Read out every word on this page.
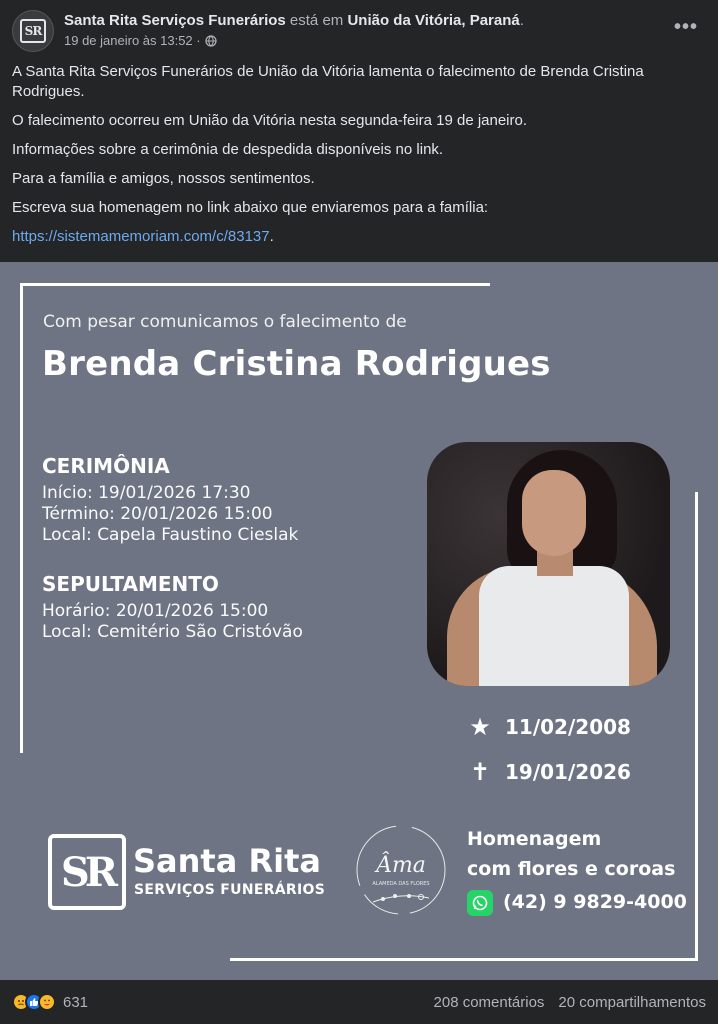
SR
Santa Rita Serviços Funerários está em União da Vitória, Paraná.
19 de janeiro às 13:52 ·
•••

A Santa Rita Serviços Funerários de União da Vitória lamenta o falecimento de Brenda Cristina Rodrigues.

O falecimento ocorreu em União da Vitória nesta segunda-feira 19 de janeiro.

Informações sobre a cerimônia de despedida disponíveis no link.

Para a família e amigos, nossos sentimentos.

Escreva sua homenagem no link abaixo que enviaremos para a família:

https://sistemamemoriam.com/c/83137.

Com pesar comunicamos o falecimento de
Brenda Cristina Rodrigues
CERIMÔNIA
Início: 19/01/2026 17:30
Término: 20/01/2026 15:00
Local: Capela Faustino Cieslak
SEPULTAMENTO
Horário: 20/01/2026 15:00
Local: Cemitério São Cristóvão
★ 11/02/2008
✝ 19/01/2026
SR Santa Rita
SERVIÇOS FUNERÁRIOS
Âma
ALAMEDA DAS FLORES
Homenagem
com flores e coroas
(42) 9 9829-4000
631	208 comentários 20 compartilhamentos
